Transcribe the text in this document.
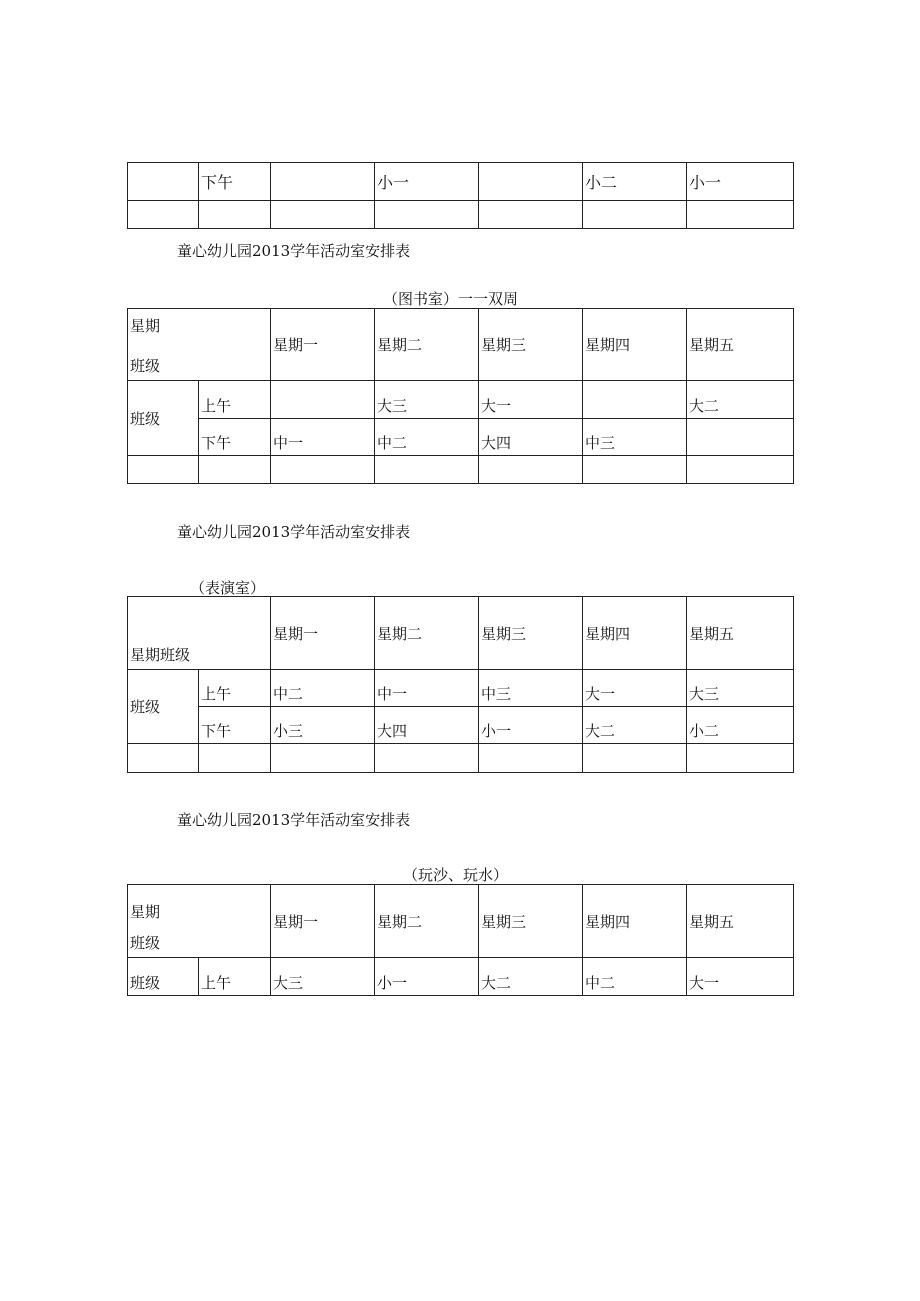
	下午		小一		小二	小一

童心幼儿园2013学年活动室安排表
（图书室）一一双周
星期
班级		星期一	星期二	星期三	星期四	星期五
班级	上午		大三	大一		大二
	下午	中一	中二	大四	中三	

童心幼儿园2013学年活动室安排表
（表演室）
星期班级		星期一	星期二	星期三	星期四	星期五
班级	上午	中二	中一	中三	大一	大三
	下午	小三	大四	小一	大二	小二

童心幼儿园2013学年活动室安排表
（玩沙、玩水）
星期
班级		星期一	星期二	星期三	星期四	星期五
班级	上午	大三	小一	大二	中二	大一
